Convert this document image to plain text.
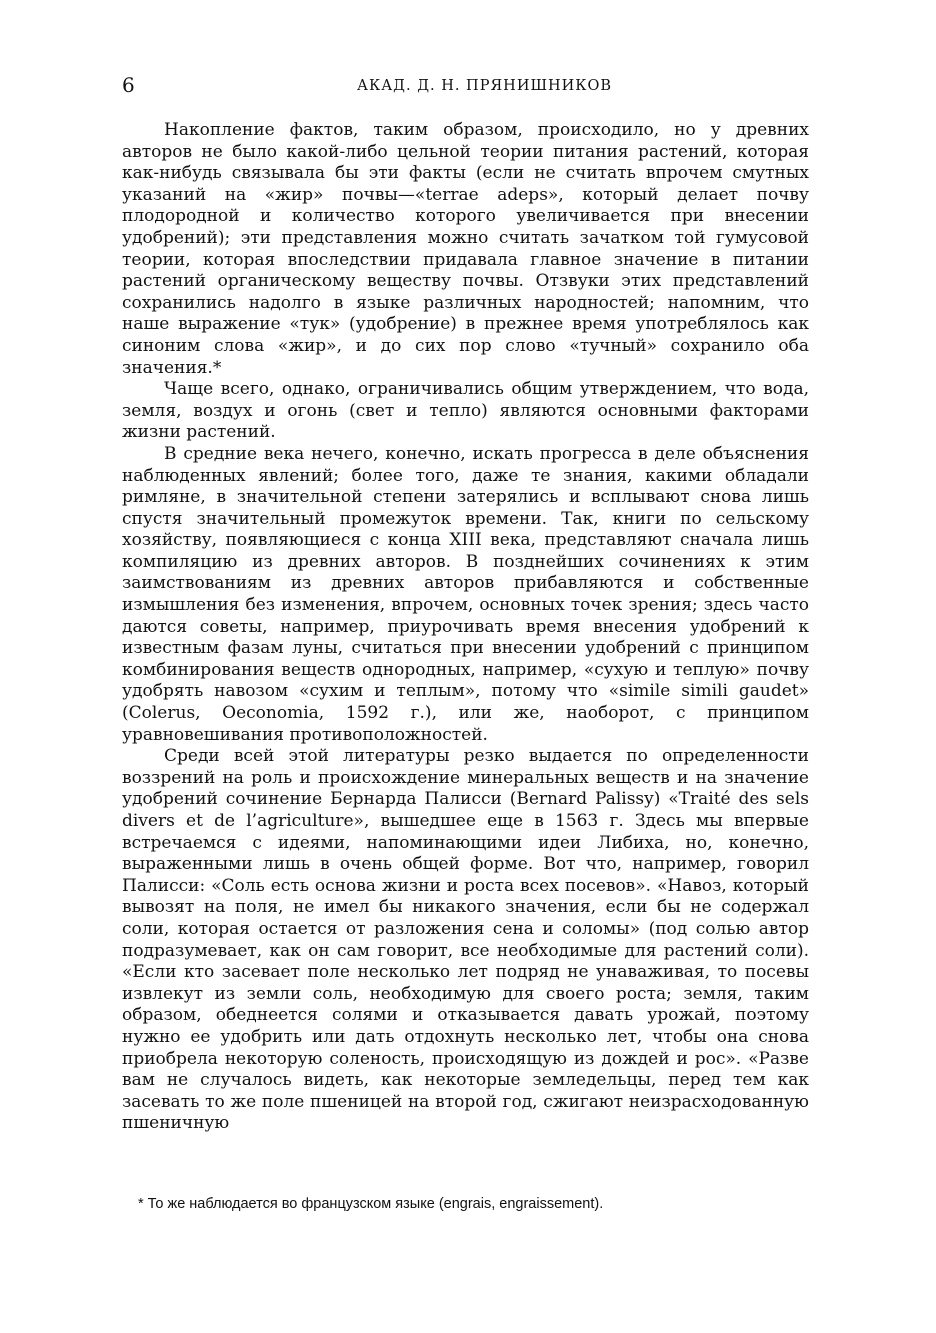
6	АКАД. Д. Н. ПРЯНИШНИКОВ

Накопление фактов, таким образом, происходило, но у древних авторов не было какой-либо цельной теории питания растений, которая как-нибудь связывала бы эти факты (если не считать впрочем смутных указаний на «жир» почвы—«terrae adeps», который делает почву плодородной и количество которого увеличивается при внесении удобрений); эти представления можно считать зачатком той гумусовой теории, которая впоследствии придавала главное значение в питании растений органическому веществу почвы. Отзвуки этих представлений сохранились надолго в языке различных народностей; напомним, что наше выражение «тук» (удобрение) в прежнее время употреблялось как синоним слова «жир», и до сих пор слово «тучный» сохранило оба значения.*

Чаще всего, однако, ограничивались общим утверждением, что вода, земля, воздух и огонь (свет и тепло) являются основными факторами жизни растений.

В средние века нечего, конечно, искать прогресса в деле объяснения наблюденных явлений; более того, даже те знания, какими обладали римляне, в значительной степени затерялись и всплывают снова лишь спустя значительный промежуток времени. Так, книги по сельскому хозяйству, появляющиеся с конца XIII века, представляют сначала лишь компиляцию из древних авторов. В позднейших сочинениях к этим заимствованиям из древних авторов прибавляются и собственные измышления без изменения, впрочем, основных точек зрения; здесь часто даются советы, например, приурочивать время внесения удобрений к известным фазам луны, считаться при внесении удобрений с принципом комбинирования веществ однородных, например, «сухую и теплую» почву удобрять навозом «сухим и теплым», потому что «simile simili gaudet» (Colerus, Oeconomia, 1592 г.), или же, наоборот, с принципом уравновешивания противоположностей.

Среди всей этой литературы резко выдается по определенности воззрений на роль и происхождение минеральных веществ и на значение удобрений сочинение Бернарда Палисси (Bernard Palissy) «Traité des sels divers et de l’agriculture», вышедшее еще в 1563 г. Здесь мы впервые встречаемся с идеями, напоминающими идеи Либиха, но, конечно, выраженными лишь в очень общей форме. Вот что, например, говорил Палисси: «Соль есть основа жизни и роста всех посевов». «Навоз, который вывозят на поля, не имел бы никакого значения, если бы не содержал соли, которая остается от разложения сена и соломы» (под солью автор подразумевает, как он сам говорит, все необходимые для растений соли). «Если кто засевает поле несколько лет подряд не унаваживая, то посевы извлекут из земли соль, необходимую для своего роста; земля, таким образом, обеднеется солями и отказывается давать урожай, поэтому нужно ее удобрить или дать отдохнуть несколько лет, чтобы она снова приобрела некоторую соленость, происходящую из дождей и рос». «Разве вам не случалось видеть, как некоторые земледельцы, перед тем как засевать то же поле пшеницей на второй год, сжигают неизрасходованную пшеничную

* То же наблюдается во французском языке (engrais, engraissement).
